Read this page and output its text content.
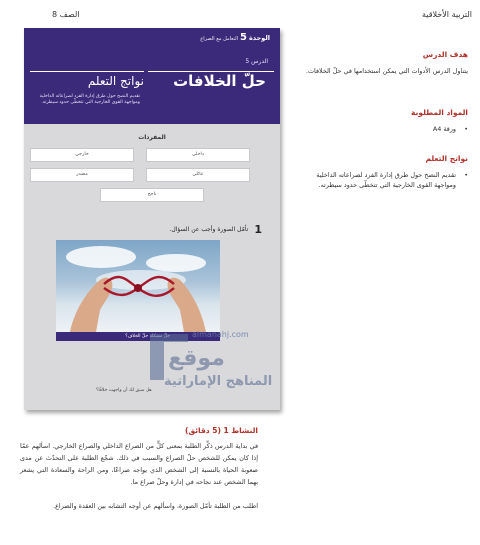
التربية الأخلاقية
الصف 8
الوحدة5التعامل مع الصراع
الدرس 5
حلّ الخلافات
نواتج التعلم
تقديم النصح حول طرق إدارة الفرد لصراعاته الداخلية ومواجهة القوى الخارجية التي تتخطّى حدود سيطرته.
المفردات
داخلي
خارجي
عائلي
مصدر
ناجح
1تأمّل الصورة وأجب عن السؤال.
حلّ مشكلة حلّ الخلاف؟
هل سبق لك أن واجهت خلافًا؟
almanahj.com
موقع
المناهج الإماراتية
هدف الدرس
يتناول الدرس الأدوات التي يمكن استخدامها في حلّ الخلافات.
المواد المطلوبة
• ورقة A4
نواتج التعلم
• تقديم النصح حول طرق إدارة الفرد لصراعاته الداخلية ومواجهة القوى الخارجية التي تتخطّى حدود سيطرته.
النشاط 1 (5 دقائق)
في بداية الدرس ذكِّر الطلبة بمعنى كلٍّ من الصراع الداخلي والصراع الخارجي. اسألهم عمّا إذا كان يمكن للشخص حلّ الصراع والسبب في ذلك. شجّع الطلبة على التحدّث عن مدى صعوبة الحياة بالنسبة إلى الشخص الذي يواجه صراعًا، ومن الراحة والسعادة التي يشعر بهما الشخص عند نجاحه في إدارة وحلّ صراع ما.
اطلب من الطلبة تأمّل الصورة، واسألهم عن أوجه التشابه بين العقدة والصراع.
